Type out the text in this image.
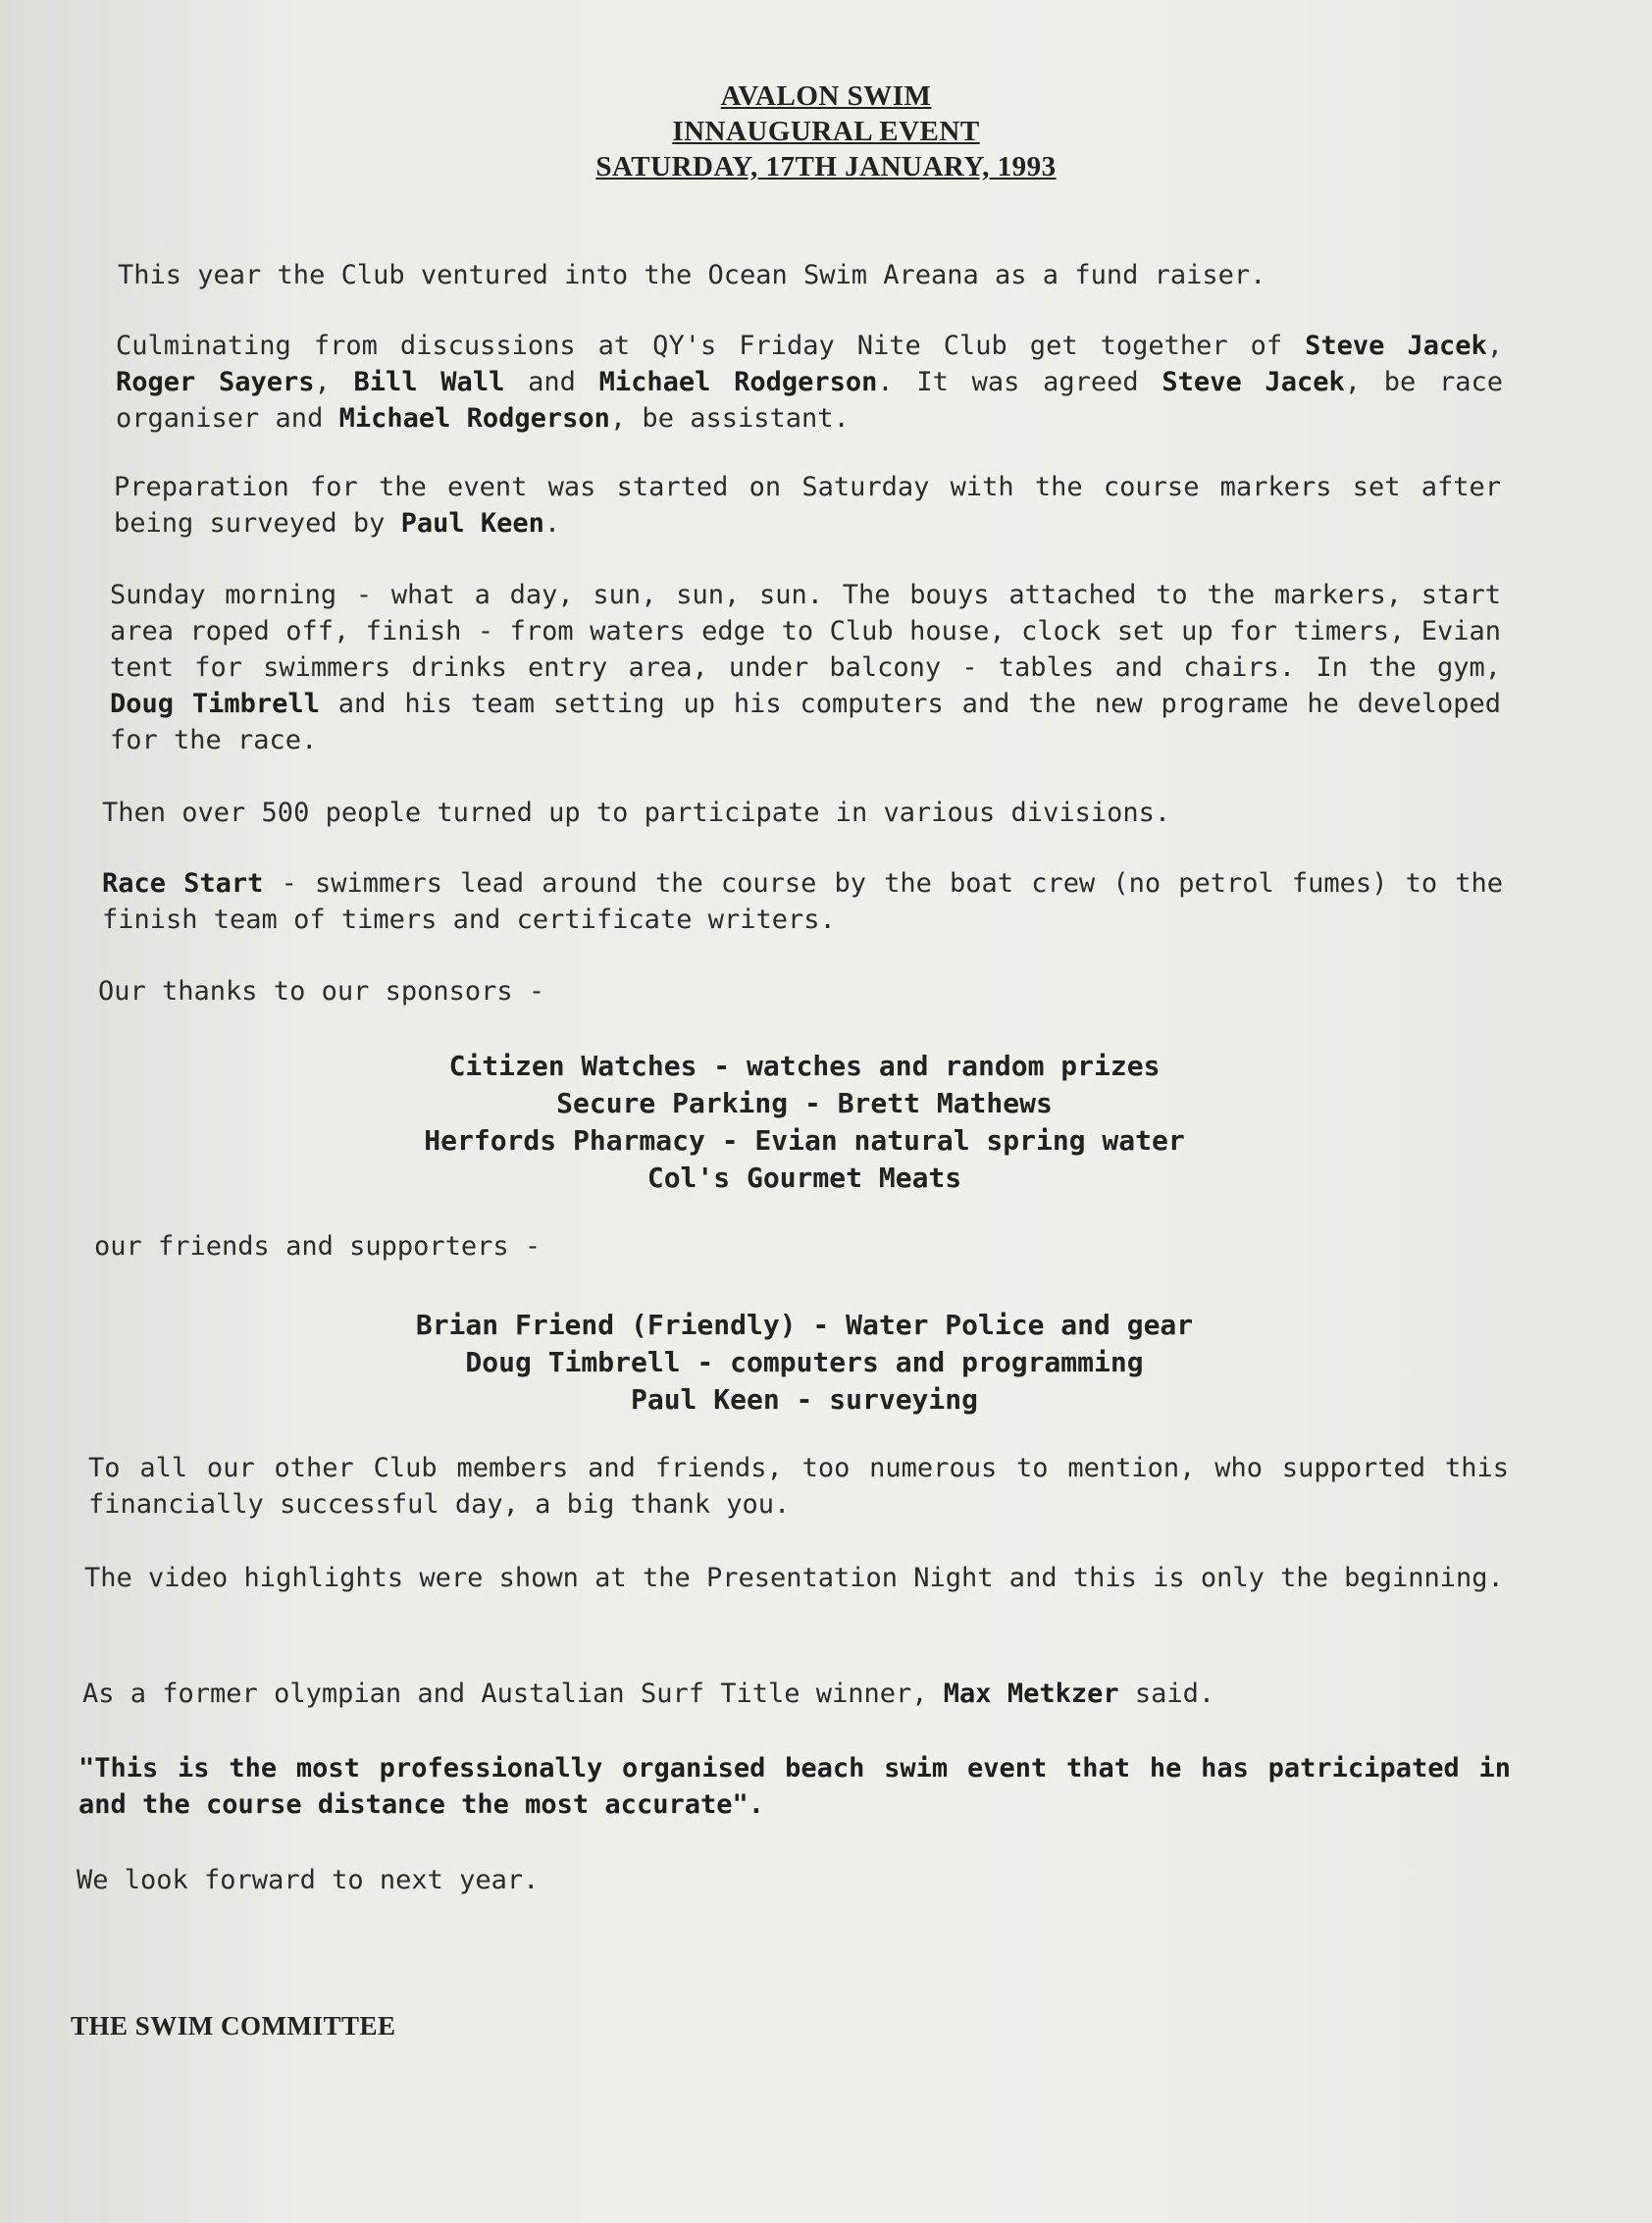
AVALON SWIM
INNAUGURAL EVENT
SATURDAY, 17TH JANUARY, 1993
This year the Club ventured into the Ocean Swim Areana as a fund raiser.
Culminating from discussions at QY's Friday Nite Club get together of Steve Jacek, Roger Sayers, Bill Wall and Michael Rodgerson. It was agreed Steve Jacek, be race organiser and Michael Rodgerson, be assistant.
Preparation for the event was started on Saturday with the course markers set after being surveyed by Paul Keen.
Sunday morning - what a day, sun, sun, sun. The bouys attached to the markers, start area roped off, finish - from waters edge to Club house, clock set up for timers, Evian tent for swimmers drinks entry area, under balcony - tables and chairs. In the gym, Doug Timbrell and his team setting up his computers and the new programe he developed for the race.
Then over 500 people turned up to participate in various divisions.
Race Start - swimmers lead around the course by the boat crew (no petrol fumes) to the finish team of timers and certificate writers.
Our thanks to our sponsors -
Citizen Watches - watches and random prizes
Secure Parking - Brett Mathews
Herfords Pharmacy - Evian natural spring water
Col's Gourmet Meats
our friends and supporters -
Brian Friend (Friendly) - Water Police and gear
Doug Timbrell - computers and programming
Paul Keen - surveying
To all our other Club members and friends, too numerous to mention, who supported this financially successful day, a big thank you.
The video highlights were shown at the Presentation Night and this is only the beginning.
As a former olympian and Austalian Surf Title winner, Max Metkzer said.
"This is the most professionally organised beach swim event that he has patricipated in and the course distance the most accurate".
We look forward to next year.
THE SWIM COMMITTEE
